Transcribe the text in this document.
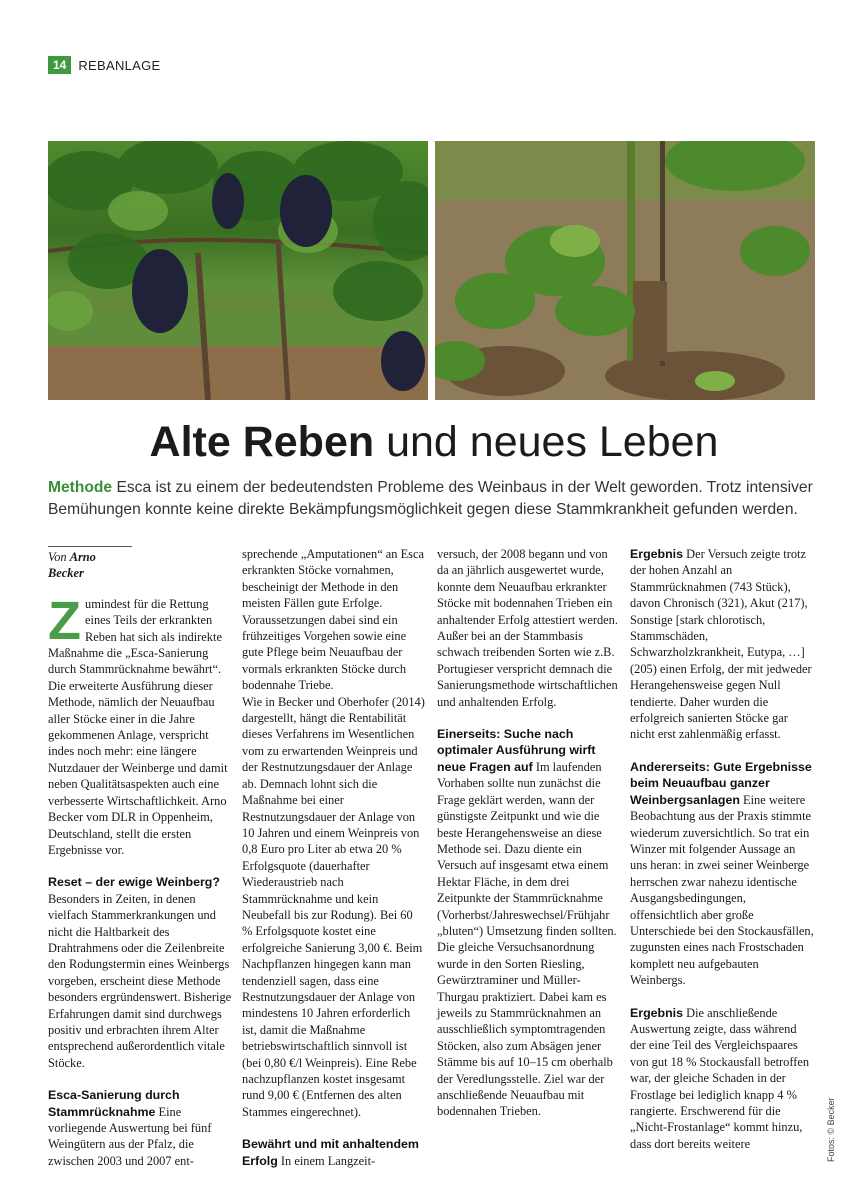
14 REBANLAGE
Alte Reben und neues Leben
Methode Esca ist zu einem der bedeutendsten Probleme des Weinbaus in der Welt geworden. Trotz intensiver Bemühungen konnte keine direkte Bekämpfungsmöglichkeit gegen diese Stammkrankheit gefunden werden.
Von Arno Becker
Z umindest für die Rettung eines Teils der erkrankten Reben hat sich als indirekte Maßnahme die „Esca-Sanierung durch Stammrücknahme bewährt“. Die erweiterte Ausführung dieser Methode, nämlich der Neuaufbau aller Stöcke einer in die Jahre gekommenen Anlage, verspricht indes noch mehr: eine längere Nutzdauer der Weinberge und damit neben Qualitätsaspekten auch eine verbesserte Wirtschaftlichkeit. Arno Becker vom DLR in Oppenheim, Deutschland, stellt die ersten Ergebnisse vor.
Reset – der ewige Weinberg?

Besonders in Zeiten, in denen vielfach Stammerkrankungen und nicht die Haltbarkeit des Drahtrahmens oder die Zeilenbreite den Rodungstermin eines Weinbergs vorgeben, erscheint diese Methode besonders ergründenswert. Bisherige Erfahrungen damit sind durchwegs positiv und erbrachten ihrem Alter entsprechend außerordentlich vitale Stöcke.

Esca-Sanierung durch Stammrücknahme Eine vorliegende Auswertung bei fünf Weingütern aus der Pfalz, die zwischen 2003 und 2007 ent-

sprechende „Amputationen“ an Esca erkrankten Stöcke vornahmen, bescheinigt der Methode in den meisten Fällen gute Erfolge. Voraussetzungen dabei sind ein frühzeitiges Vorgehen sowie eine gute Pflege beim Neuaufbau der vormals erkrankten Stöcke durch bodennahe Triebe.

Wie in Becker und Oberhofer (2014) dargestellt, hängt die Rentabilität dieses Verfahrens im Wesentlichen vom zu erwartenden Weinpreis und der Restnutzungsdauer der Anlage ab. Demnach lohnt sich die Maßnahme bei einer Restnutzungsdauer der Anlage von 10 Jahren und einem Weinpreis von 0,8 Euro pro Liter ab etwa 20 % Erfolgsquote (dauerhafter Wiederaustrieb nach Stammrücknahme und kein Neubefall bis zur Rodung). Bei 60 % Erfolgsquote kostet eine erfolgreiche Sanierung 3,00 €. Beim Nachpflanzen hingegen kann man tendenziell sagen, dass eine Restnutzungsdauer der Anlage von mindestens 10 Jahren erforderlich ist, damit die Maßnahme betriebswirtschaftlich sinnvoll ist (bei 0,80 €/l Weinpreis). Eine Rebe nachzupflanzen kostet insgesamt rund 9,00 € (Entfernen des alten Stammes eingerechnet).

Bewährt und mit anhaltendem Erfolg In einem Langzeit-

versuch, der 2008 begann und von da an jährlich ausgewertet wurde, konnte dem Neuaufbau erkrankter Stöcke mit bodennahen Trieben ein anhaltender Erfolg attestiert werden.

Außer bei an der Stammbasis schwach treibenden Sorten wie z.B. Portugieser verspricht demnach die Sanierungsmethode wirtschaftlichen und anhaltenden Erfolg.

Einerseits: Suche nach optimaler Ausführung wirft neue Fragen auf Im laufenden Vorhaben sollte nun zunächst die Frage geklärt werden, wann der günstigste Zeitpunkt und wie die beste Herangehensweise an diese Methode sei. Dazu diente ein Versuch auf insgesamt etwa einem Hektar Fläche, in dem drei Zeitpunkte der Stammrücknahme (Vorherbst/Jahreswechsel/Frühjahr „bluten“) Umsetzung finden sollten. Die gleiche Versuchsanordnung wurde in den Sorten Riesling, Gewürztraminer und Müller-Thurgau praktiziert. Dabei kam es jeweils zu Stammrücknahmen an ausschließlich symptomtragenden Stöcken, also zum Absägen jener Stämme bis auf 10–15 cm oberhalb der Veredlungsstelle. Ziel war der anschließende Neuaufbau mit bodennahen Trieben.
Ergebnis Der Versuch zeigte trotz der hohen Anzahl an Stammrücknahmen (743 Stück), davon Chronisch (321), Akut (217), Sonstige [stark chlorotisch, Stammschäden, Schwarzholzkrankheit, Eutypa, …] (205) einen Erfolg, der mit jedweder Herangehensweise gegen Null tendierte. Daher wurden die erfolgreich sanierten Stöcke gar nicht erst zahlenmäßig erfasst.
Andererseits: Gute Ergebnisse beim Neuaufbau ganzer Weinbergsanlagen Eine weitere Beobachtung aus der Praxis stimmte wiederum zuversichtlich. So trat ein Winzer mit folgender Aussage an uns heran: in zwei seiner Weinberge herrschen zwar nahezu identische Ausgangsbedingungen, offensichtlich aber große Unterschiede bei den Stockausfällen, zugunsten eines nach Frostschaden komplett neu aufgebauten Weinbergs.
Ergebnis Die anschließende Auswertung zeigte, dass während der eine Teil des Vergleichspaares von gut 18 % Stockausfall betroffen war, der gleiche Schaden in der Frostlage bei lediglich knapp 4 % rangierte. Erschwerend für die „Nicht-Frostanlage“ kommt hinzu, dass dort bereits weitere	Fotos: © Becker
